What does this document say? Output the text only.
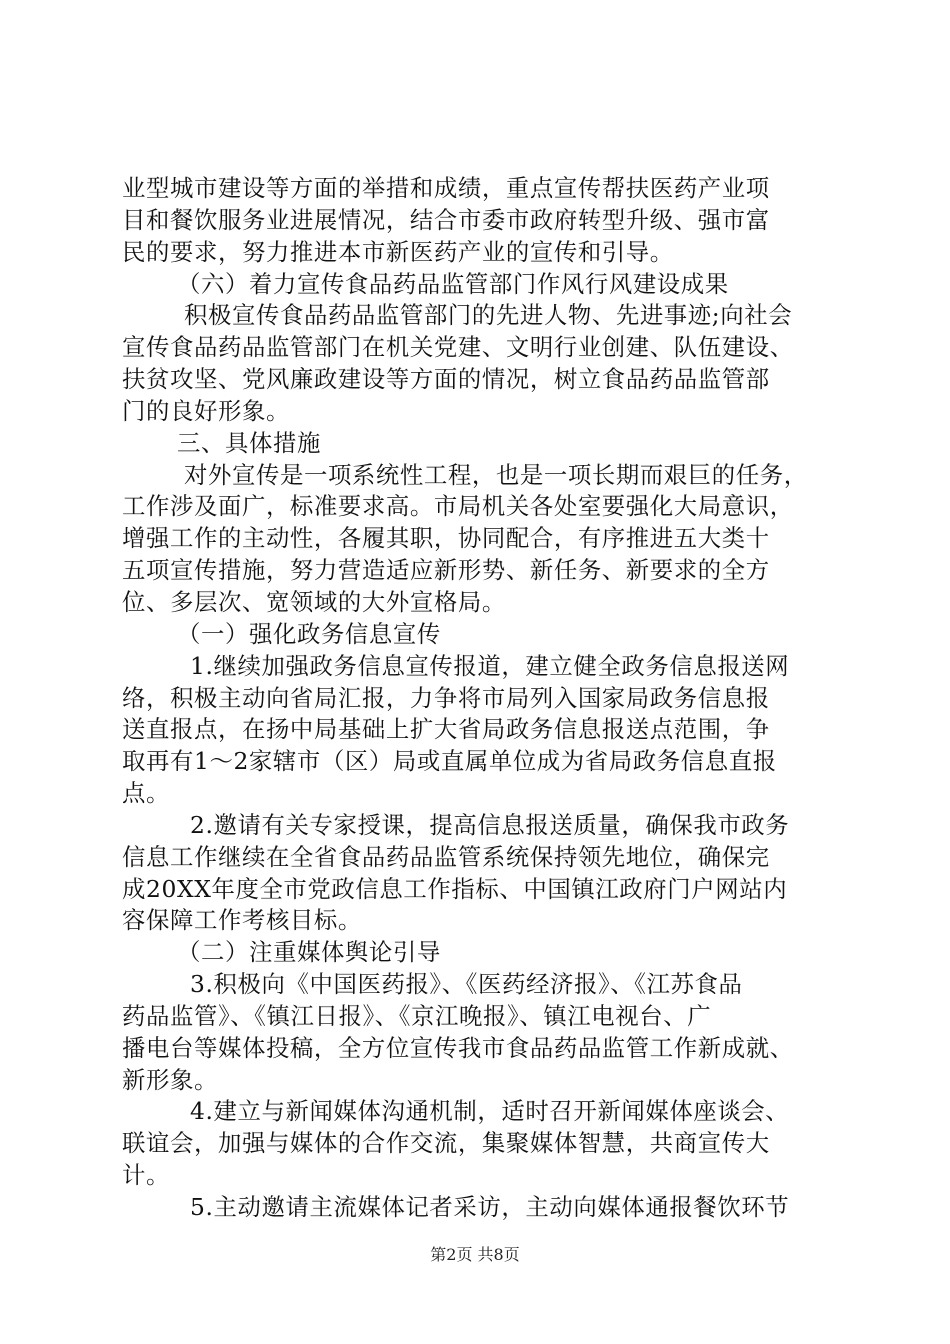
业型城市建设等方面的举措和成绩，重点宣传帮扶医药产业项
目和餐饮服务业进展情况，结合市委市政府转型升级、强市富
民的要求，努力推进本市新医药产业的宣传和引导。
（六）着力宣传食品药品监管部门作风行风建设成果
积极宣传食品药品监管部门的先进人物、先进事迹;向社会
宣传食品药品监管部门在机关党建、文明行业创建、队伍建设、
扶贫攻坚、党风廉政建设等方面的情况，树立食品药品监管部
门的良好形象。
三、具体措施
对外宣传是一项系统性工程，也是一项长期而艰巨的任务，
工作涉及面广，标准要求高。市局机关各处室要强化大局意识，
增强工作的主动性，各履其职，协同配合，有序推进五大类十
五项宣传措施，努力营造适应新形势、新任务、新要求的全方
位、多层次、宽领域的大外宣格局。
（一）强化政务信息宣传
1.继续加强政务信息宣传报道，建立健全政务信息报送网
络，积极主动向省局汇报，力争将市局列入国家局政务信息报
送直报点，在扬中局基础上扩大省局政务信息报送点范围，争
取再有1～2家辖市（区）局或直属单位成为省局政务信息直报
点。
2.邀请有关专家授课，提高信息报送质量，确保我市政务
信息工作继续在全省食品药品监管系统保持领先地位，确保完
成20XX年度全市党政信息工作指标、中国镇江政府门户网站内
容保障工作考核目标。
（二）注重媒体舆论引导
3.积极向《中国医药报》、《医药经济报》、《江苏食品
药品监管》、《镇江日报》、《京江晚报》、镇江电视台、广
播电台等媒体投稿，全方位宣传我市食品药品监管工作新成就、
新形象。
4.建立与新闻媒体沟通机制，适时召开新闻媒体座谈会、
联谊会，加强与媒体的合作交流，集聚媒体智慧，共商宣传大
计。
5.主动邀请主流媒体记者采访，主动向媒体通报餐饮环节
第2页 共8页
